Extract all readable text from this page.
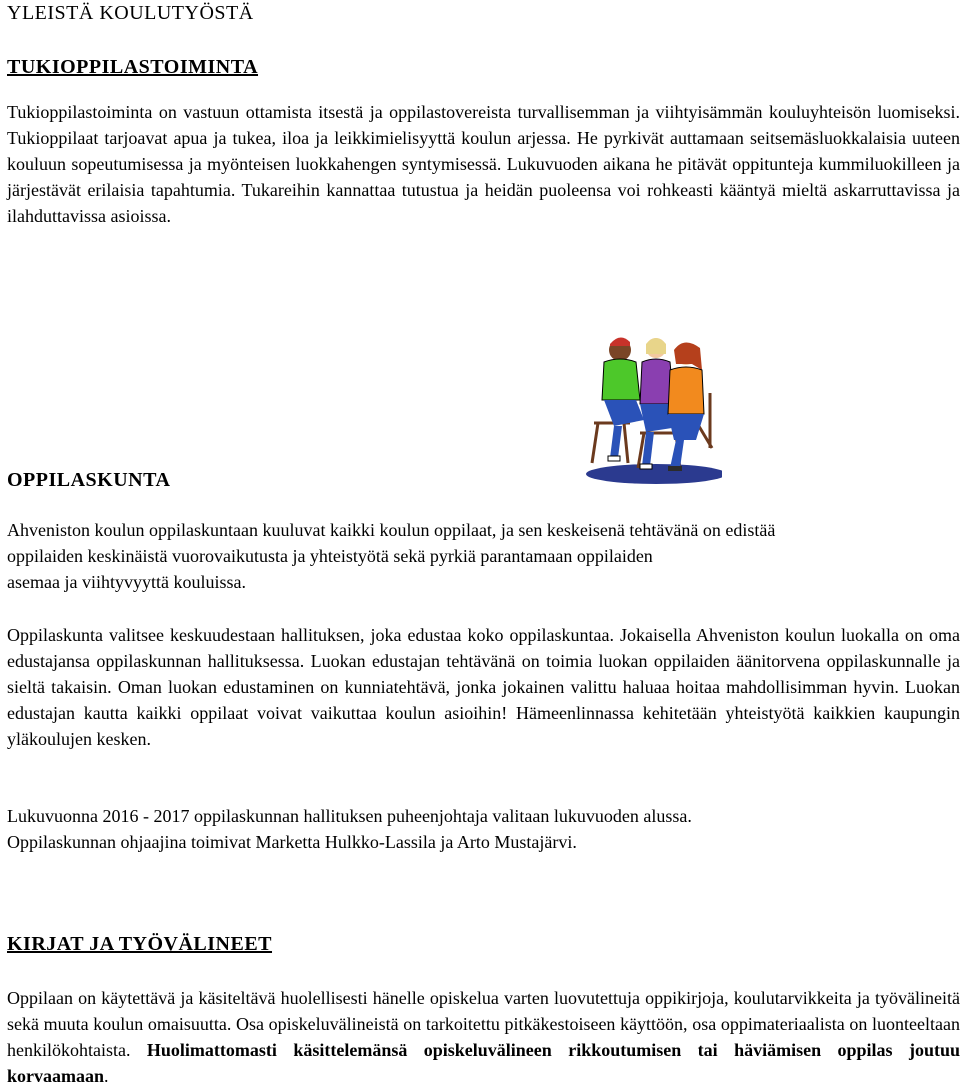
YLEISTÄ KOULUTYÖSTÄ
TUKIOPPILASTOIMINTA

Tukioppilastoiminta on vastuun ottamista itsestä ja oppilastovereista turvallisemman ja viihtyisämmän kouluyhteisön luomiseksi. Tukioppilaat tarjoavat apua ja tukea, iloa ja leikkimielisyyttä koulun arjessa. He pyrkivät auttamaan seitsemäsluokkalaisia uuteen kouluun sopeutumisessa ja myönteisen luokkahengen syntymisessä. Lukuvuoden aikana he pitävät oppitunteja kummiluokilleen ja järjestävät erilaisia tapahtumia. Tukareihin kannattaa tutustua ja heidän puoleensa voi rohkeasti kääntyä mieltä askarruttavissa ja ilahduttavissa asioissa.

OPPILASKUNTA
Ahveniston koulun oppilaskuntaan kuuluvat kaikki koulun oppilaat, ja sen keskeisenä tehtävänä on edistää
oppilaiden keskinäistä vuorovaikutusta ja yhteistyötä sekä pyrkiä parantamaan oppilaiden
asemaa ja viihtyvyyttä kouluissa.

Oppilaskunta valitsee keskuudestaan hallituksen, joka edustaa koko oppilaskuntaa. Jokaisella Ahveniston koulun luokalla on oma edustajansa oppilaskunnan hallituksessa. Luokan edustajan tehtävänä on toimia luokan oppilaiden äänitorvena oppilaskunnalle ja sieltä takaisin. Oman luokan edustaminen on kunniatehtävä, jonka jokainen valittu haluaa hoitaa mahdollisimman hyvin. Luokan edustajan kautta kaikki oppilaat voivat vaikuttaa koulun asioihin! Hämeenlinnassa kehitetään yhteistyötä kaikkien kaupungin yläkoulujen kesken.

Lukuvuonna 2016 - 2017 oppilaskunnan hallituksen puheenjohtaja valitaan lukuvuoden alussa.
Oppilaskunnan ohjaajina toimivat Marketta Hulkko-Lassila ja Arto Mustajärvi.
KIRJAT JA TYÖVÄLINEET

Oppilaan on käytettävä ja käsiteltävä huolellisesti hänelle opiskelua varten luovutettuja oppikirjoja, koulutarvikkeita ja työvälineitä sekä muuta koulun omaisuutta. Osa opiskeluvälineistä on tarkoitettu pitkäkestoiseen käyttöön, osa oppimateriaalista on luonteeltaan henkilökohtaista. Huolimattomasti käsittelemänsä opiskeluvälineen rikkoutumisen tai häviämisen oppilas joutuu korvaamaan.
